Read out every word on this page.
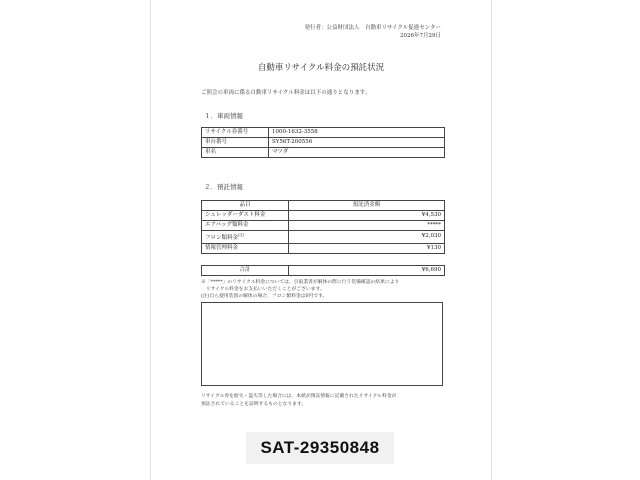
発行者：公益財団法人　自動車リサイクル促進センター
2026年7月29日
自動車リサイクル料金の預託状況
ご照会の車両に係る自動車リサイクル料金は以下の通りとなります。
１．車両情報
リサイクル券番号	1000-1632-3558
車台番号	SY56T-200556
車名	マツダ
２．預託情報
品目	預託済金額
シュレッダーダスト料金	¥4,530
エアバッグ類料金	*****
フロン類料金$^{(注)}$	¥2,030
情報管理料金	¥130
合計	¥6,690
※「*****」のリサイクル料金については、引取業者が解体の際に行う装備確認の結果により
　リサイクル料金をお支払いいただくことがございます。
(注)自ら使用装置の解体の場合、フロン類料金は0円です。
リサイクル券を紛失・盗失等した場合には、本紙が預託情報に記載されたリサイクル料金が
預託されていることを証明するものとなります。
SAT-29350848
